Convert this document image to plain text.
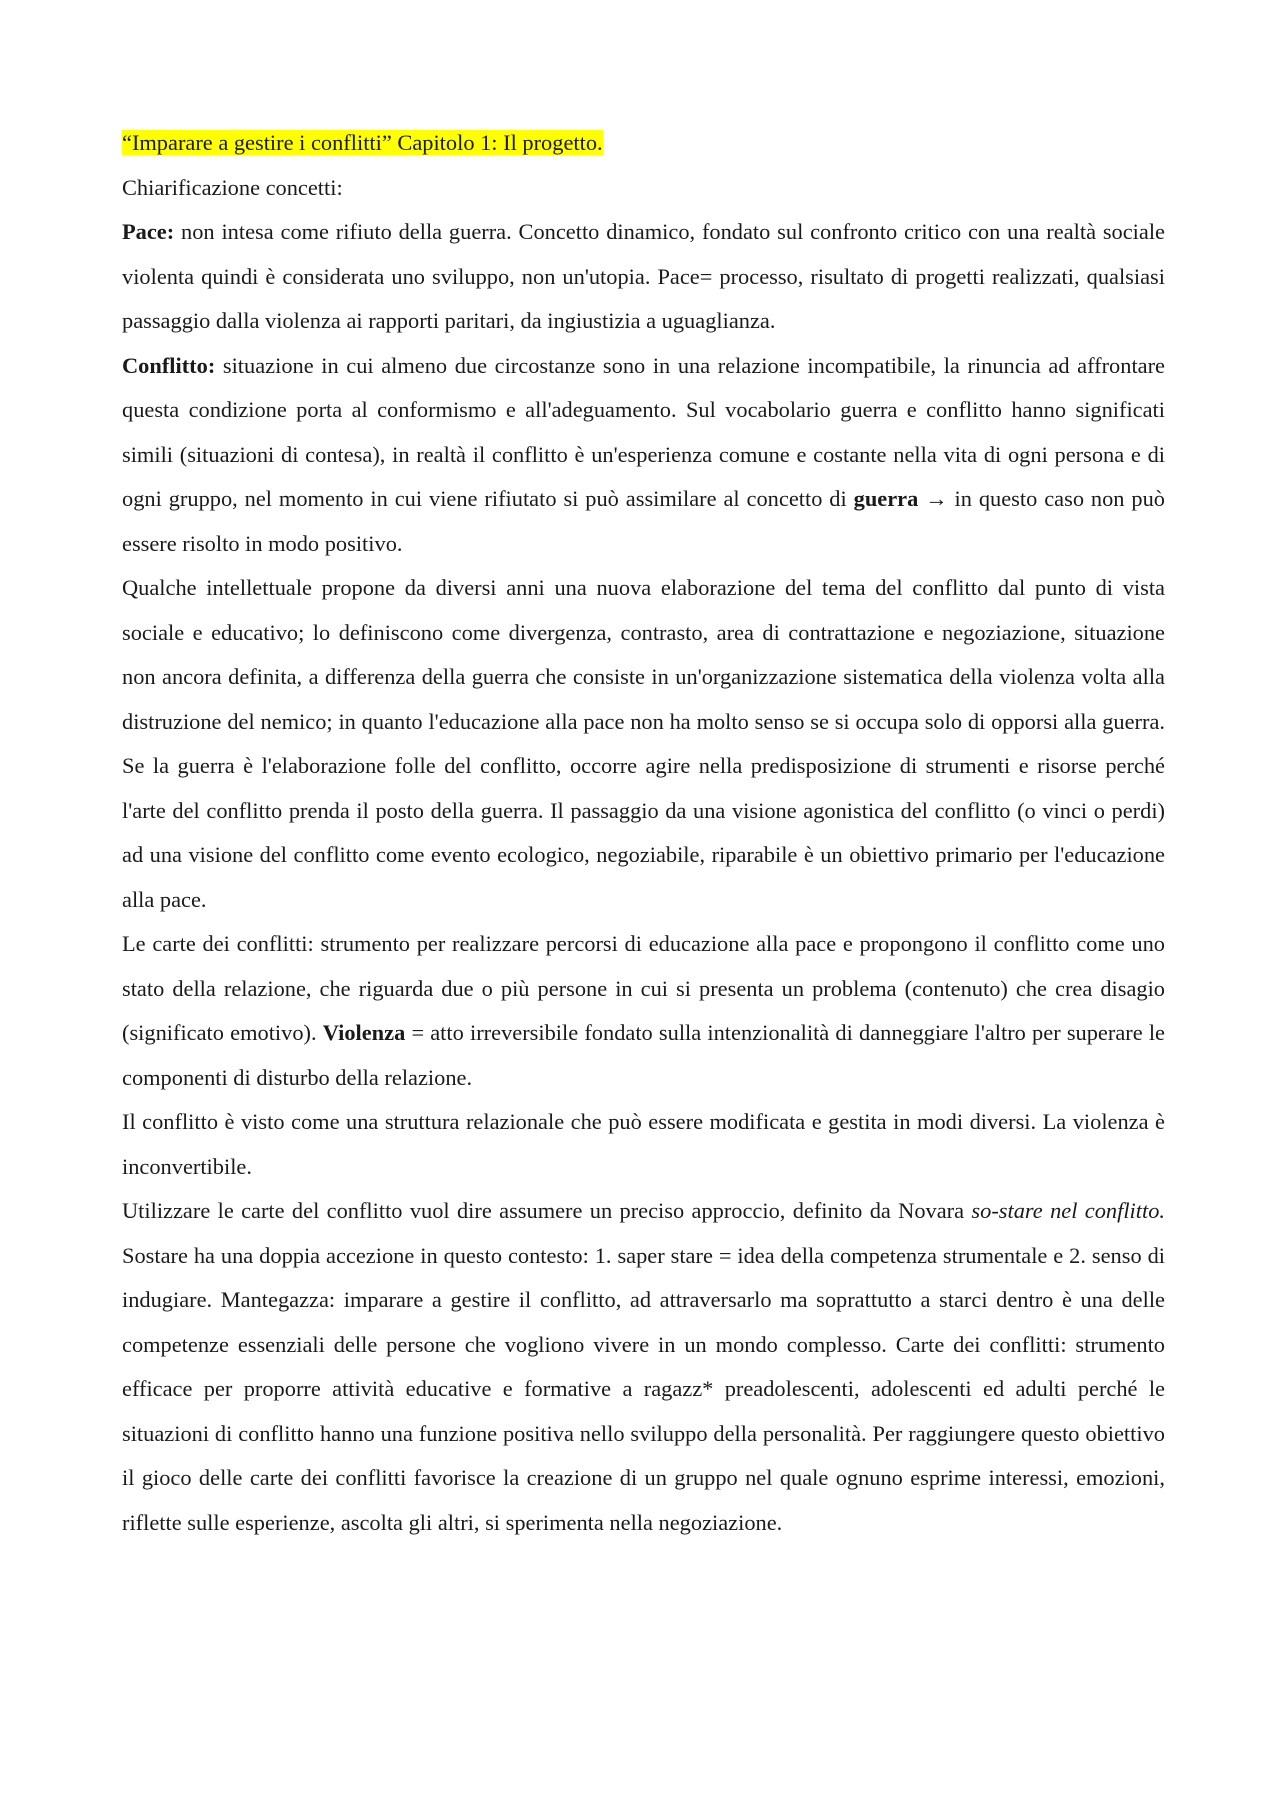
“Imparare a gestire i conflitti” Capitolo 1: Il progetto.

Chiarificazione concetti:

Pace: non intesa come rifiuto della guerra. Concetto dinamico, fondato sul confronto critico con una realtà sociale violenta quindi è considerata uno sviluppo, non un'utopia. Pace= processo, risultato di progetti realizzati, qualsiasi passaggio dalla violenza ai rapporti paritari, da ingiustizia a uguaglianza.

Conflitto: situazione in cui almeno due circostanze sono in una relazione incompatibile, la rinuncia ad affrontare questa condizione porta al conformismo e all'adeguamento. Sul vocabolario guerra e conflitto hanno significati simili (situazioni di contesa), in realtà il conflitto è un'esperienza comune e costante nella vita di ogni persona e di ogni gruppo, nel momento in cui viene rifiutato si può assimilare al concetto di guerra → in questo caso non può essere risolto in modo positivo.

Qualche intellettuale propone da diversi anni una nuova elaborazione del tema del conflitto dal punto di vista sociale e educativo; lo definiscono come divergenza, contrasto, area di contrattazione e negoziazione, situazione non ancora definita, a differenza della guerra che consiste in un'organizzazione sistematica della violenza volta alla distruzione del nemico; in quanto l'educazione alla pace non ha molto senso se si occupa solo di opporsi alla guerra. Se la guerra è l'elaborazione folle del conflitto, occorre agire nella predisposizione di strumenti e risorse perché l'arte del conflitto prenda il posto della guerra. Il passaggio da una visione agonistica del conflitto (o vinci o perdi) ad una visione del conflitto come evento ecologico, negoziabile, riparabile è un obiettivo primario per l'educazione alla pace.

Le carte dei conflitti: strumento per realizzare percorsi di educazione alla pace e propongono il conflitto come uno stato della relazione, che riguarda due o più persone in cui si presenta un problema (contenuto) che crea disagio (significato emotivo). Violenza = atto irreversibile fondato sulla intenzionalità di danneggiare l'altro per superare le componenti di disturbo della relazione.

Il conflitto è visto come una struttura relazionale che può essere modificata e gestita in modi diversi. La violenza è inconvertibile.

Utilizzare le carte del conflitto vuol dire assumere un preciso approccio, definito da Novara so-stare nel conflitto. Sostare ha una doppia accezione in questo contesto: 1. saper stare = idea della competenza strumentale e 2. senso di indugiare. Mantegazza: imparare a gestire il conflitto, ad attraversarlo ma soprattutto a starci dentro è una delle competenze essenziali delle persone che vogliono vivere in un mondo complesso. Carte dei conflitti: strumento efficace per proporre attività educative e formative a ragazz* preadolescenti, adolescenti ed adulti perché le situazioni di conflitto hanno una funzione positiva nello sviluppo della personalità. Per raggiungere questo obiettivo il gioco delle carte dei conflitti favorisce la creazione di un gruppo nel quale ognuno esprime interessi, emozioni, riflette sulle esperienze, ascolta gli altri, si sperimenta nella negoziazione.
